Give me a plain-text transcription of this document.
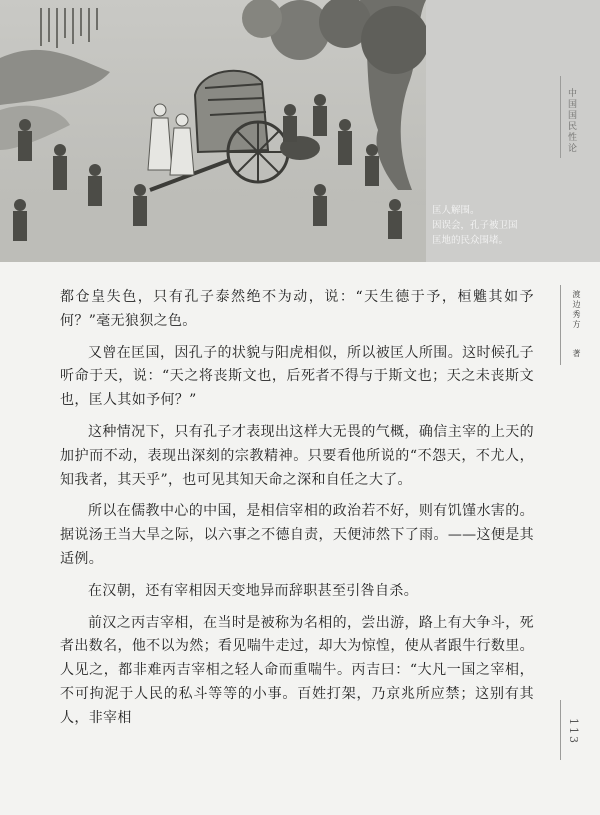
匡人解围。
因误会，孔子被卫国
匡地的民众围堵。
中国国民性论
渡边秀方  著
113

都仓皇失色，只有孔子泰然绝不为动，说：“天生德于予，桓魋其如予何？”毫无狼狈之色。

又曾在匡国，因孔子的状貌与阳虎相似，所以被匡人所围。这时候孔子听命于天，说：“天之将丧斯文也，后死者不得与于斯文也；天之未丧斯文也，匡人其如予何？”

这种情况下，只有孔子才表现出这样大无畏的气概，确信主宰的上天的加护而不动，表现出深刻的宗教精神。只要看他所说的“不怨天，不尤人，知我者，其天乎”，也可见其知天命之深和自任之大了。

所以在儒教中心的中国，是相信宰相的政治若不好，则有饥馑水害的。据说汤王当大旱之际，以六事之不德自责，天便沛然下了雨。——这便是其适例。

在汉朝，还有宰相因天变地异而辞职甚至引咎自杀。

前汉之丙吉宰相，在当时是被称为名相的，尝出游，路上有大争斗，死者出数名，他不以为然；看见喘牛走过，却大为惊惶，使从者跟牛行数里。人见之，都非难丙吉宰相之轻人命而重喘牛。丙吉曰：“大凡一国之宰相，不可拘泥于人民的私斗等等的小事。百姓打架，乃京兆所应禁；这别有其人，非宰相
